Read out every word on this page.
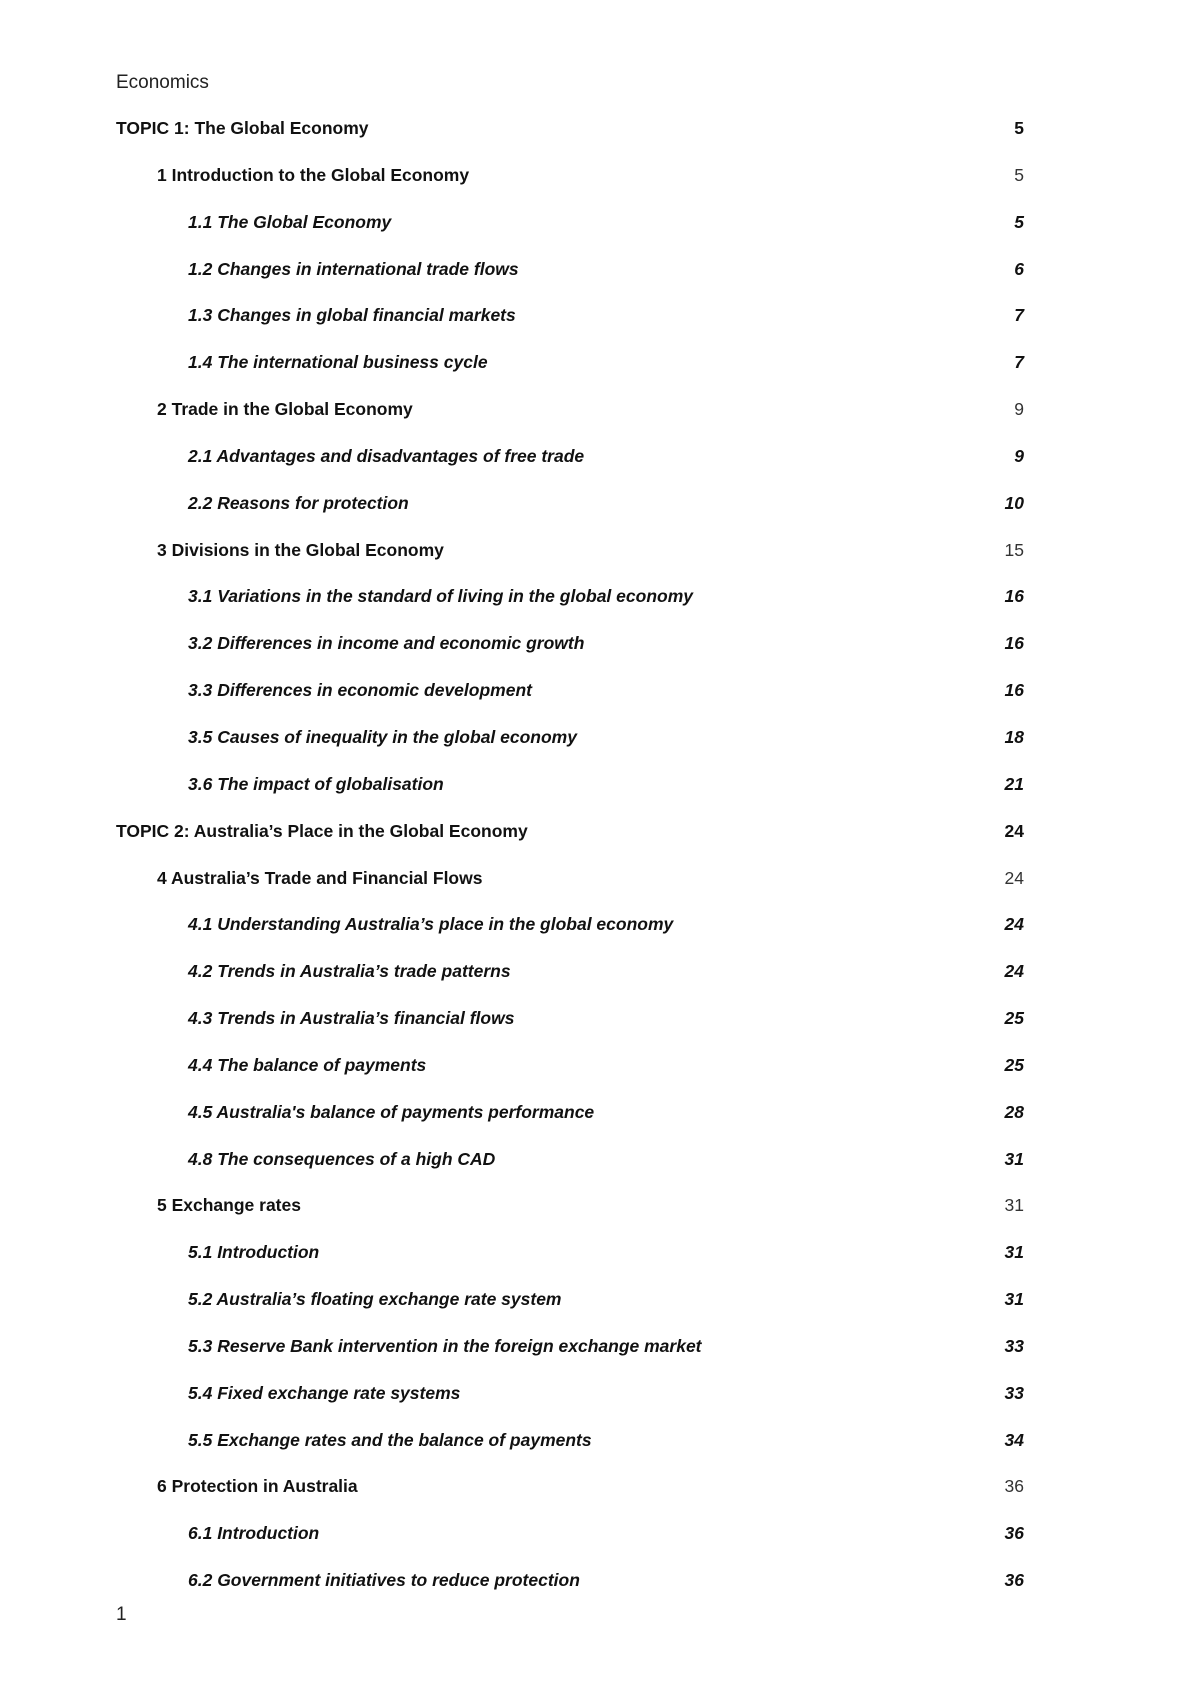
Economics
TOPIC 1: The Global Economy	5
1 Introduction to the Global Economy	5
1.1 The Global Economy	5
1.2 Changes in international trade flows	6
1.3 Changes in global financial markets	7
1.4 The international business cycle	7
2 Trade in the Global Economy	9
2.1 Advantages and disadvantages of free trade	9
2.2 Reasons for protection	10
3 Divisions in the Global Economy	15
3.1 Variations in the standard of living in the global economy	16
3.2 Differences in income and economic growth	16
3.3 Differences in economic development	16
3.5 Causes of inequality in the global economy	18
3.6 The impact of globalisation	21
TOPIC 2: Australia’s Place in the Global Economy	24
4 Australia’s Trade and Financial Flows	24
4.1 Understanding Australia’s place in the global economy	24
4.2 Trends in Australia’s trade patterns	24
4.3 Trends in Australia’s financial flows	25
4.4 The balance of payments	25
4.5 Australia's balance of payments performance	28
4.8 The consequences of a high CAD	31
5 Exchange rates	31
5.1 Introduction	31
5.2 Australia’s floating exchange rate system	31
5.3 Reserve Bank intervention in the foreign exchange market	33
5.4 Fixed exchange rate systems	33
5.5 Exchange rates and the balance of payments	34
6 Protection in Australia	36
6.1 Introduction	36
6.2 Government initiatives to reduce protection	36
1
